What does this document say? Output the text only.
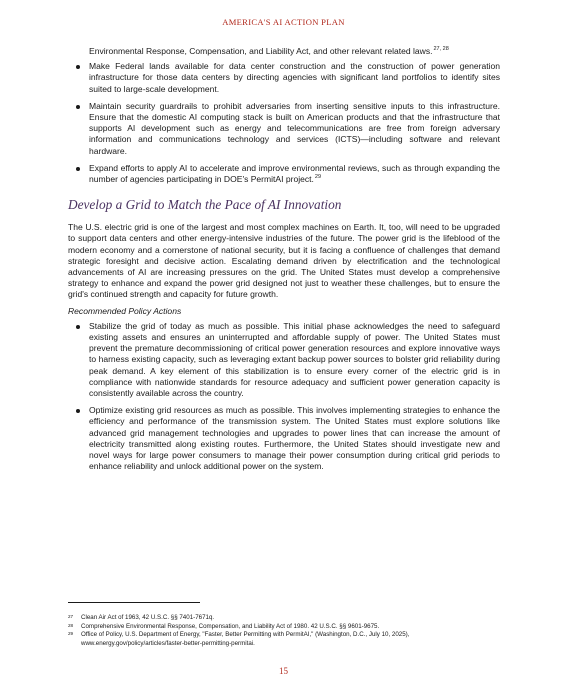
AMERICA'S AI ACTION PLAN

Environmental Response, Compensation, and Liability Act, and other relevant related laws.$^{27, 28}$

Make Federal lands available for data center construction and the construction of power generation infrastructure for those data centers by directing agencies with significant land portfolios to identify sites suited to large-scale development.
Maintain security guardrails to prohibit adversaries from inserting sensitive inputs to this infrastructure. Ensure that the domestic AI computing stack is built on American products and that the infrastructure that supports AI development such as energy and telecommunications are free from foreign adversary information and communications technology and services (ICTS)—including software and relevant hardware.
Expand efforts to apply AI to accelerate and improve environmental reviews, such as through expanding the number of agencies participating in DOE's PermitAI project.$^{29}$
Develop a Grid to Match the Pace of AI Innovation

The U.S. electric grid is one of the largest and most complex machines on Earth. It, too, will need to be upgraded to support data centers and other energy-intensive industries of the future. The power grid is the lifeblood of the modern economy and a cornerstone of national security, but it is facing a confluence of challenges that demand strategic foresight and decisive action. Escalating demand driven by electrification and the technological advancements of AI are increasing pressures on the grid. The United States must develop a comprehensive strategy to enhance and expand the power grid designed not just to weather these challenges, but to ensure the grid's continued strength and capacity for future growth.

Recommended Policy Actions

Stabilize the grid of today as much as possible. This initial phase acknowledges the need to safeguard existing assets and ensures an uninterrupted and affordable supply of power. The United States must prevent the premature decommissioning of critical power generation resources and explore innovative ways to harness existing capacity, such as leveraging extant backup power sources to bolster grid reliability during peak demand. A key element of this stabilization is to ensure every corner of the electric grid is in compliance with nationwide standards for resource adequacy and sufficient power generation capacity is consistently available across the country.
Optimize existing grid resources as much as possible. This involves implementing strategies to enhance the efficiency and performance of the transmission system. The United States must explore solutions like advanced grid management technologies and upgrades to power lines that can increase the amount of electricity transmitted along existing routes. Furthermore, the United States should investigate new and novel ways for large power consumers to manage their power consumption during critical grid periods to enhance reliability and unlock additional power on the system.
27 Clean Air Act of 1963, 42 U.S.C. §§ 7401-7671q.
28 Comprehensive Environmental Response, Compensation, and Liability Act of 1980. 42 U.S.C. §§ 9601-9675.
29 Office of Policy, U.S. Department of Energy, "Faster, Better Permitting with PermitAI," (Washington, D.C., July 10, 2025), www.energy.gov/policy/articles/faster-better-permitting-permitai.
15
